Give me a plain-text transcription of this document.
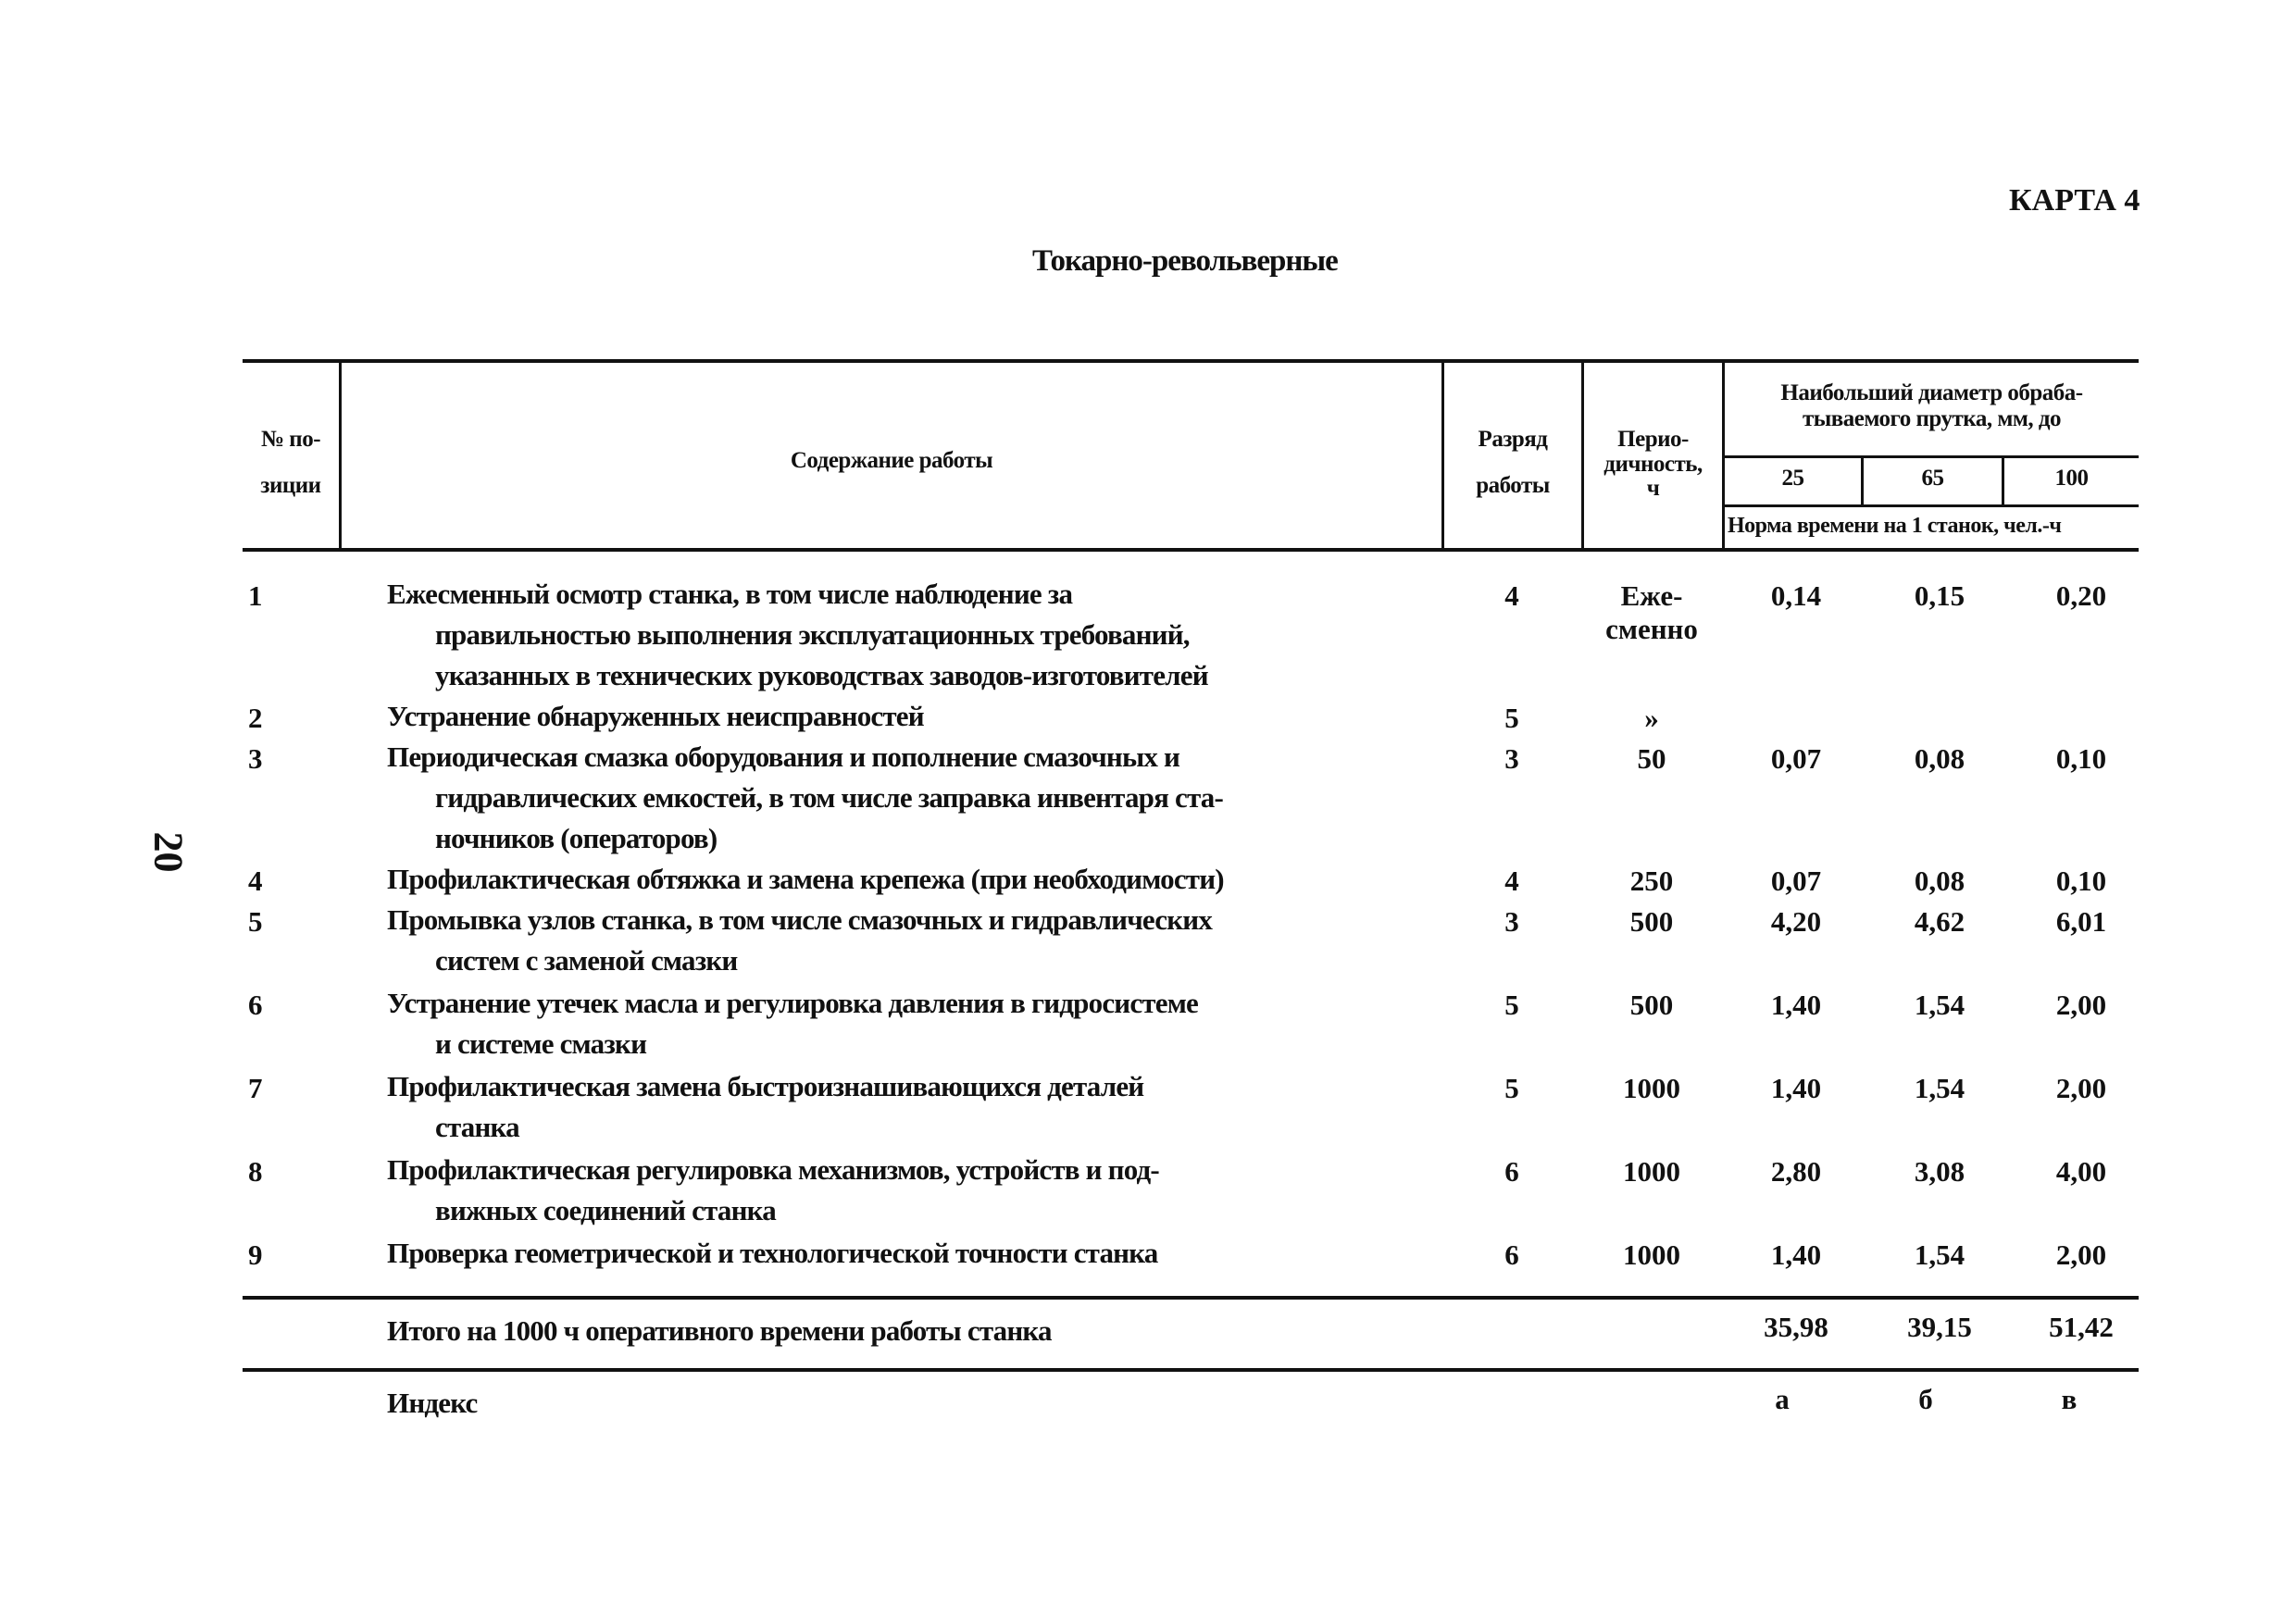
КАРТА 4
Токарно-револьверные
20
№ по-
зиции
Содержание работы
Разряд
работы
Перио-
дичность,
ч
Наибольший диаметр обраба-
тываемого прутка, мм, до
25	65	100
Норма времени на 1 станок, чел.-ч
1	Ежесменный осмотр станка, в том числе наблюдение за
правильностью выполнения эксплуатационных требований,
указанных в технических руководствах заводов-изготовителей
4	Еже-
сменно
0,14	0,15	0,20
2	Устранение обнаруженных неисправностей	5	»
3	Периодическая смазка оборудования и пополнение смазочных и
гидравлических емкостей, в том числе заправка инвентаря ста-
ночников (операторов)
3	50	0,07	0,08	0,10
4	Профилактическая обтяжка и замена крепежа (при необходимости)	4	250	0,07	0,08	0,10
5	Промывка узлов станка, в том числе смазочных и гидравлических
систем с заменой смазки
3	500	4,20	4,62	6,01
6	Устранение утечек масла и регулировка давления в гидросистеме
и системе смазки
5	500	1,40	1,54	2,00
7	Профилактическая замена быстроизнашивающихся деталей
станка
5	1000	1,40	1,54	2,00
8	Профилактическая регулировка механизмов, устройств и под-
вижных соединений станка
6	1000	2,80	3,08	4,00
9	Проверка геометрической и технологической точности станка	6	1000	1,40	1,54	2,00
Итого на 1000 ч оперативного времени работы станка	35,98	39,15	51,42
Индекс	а	б	в
